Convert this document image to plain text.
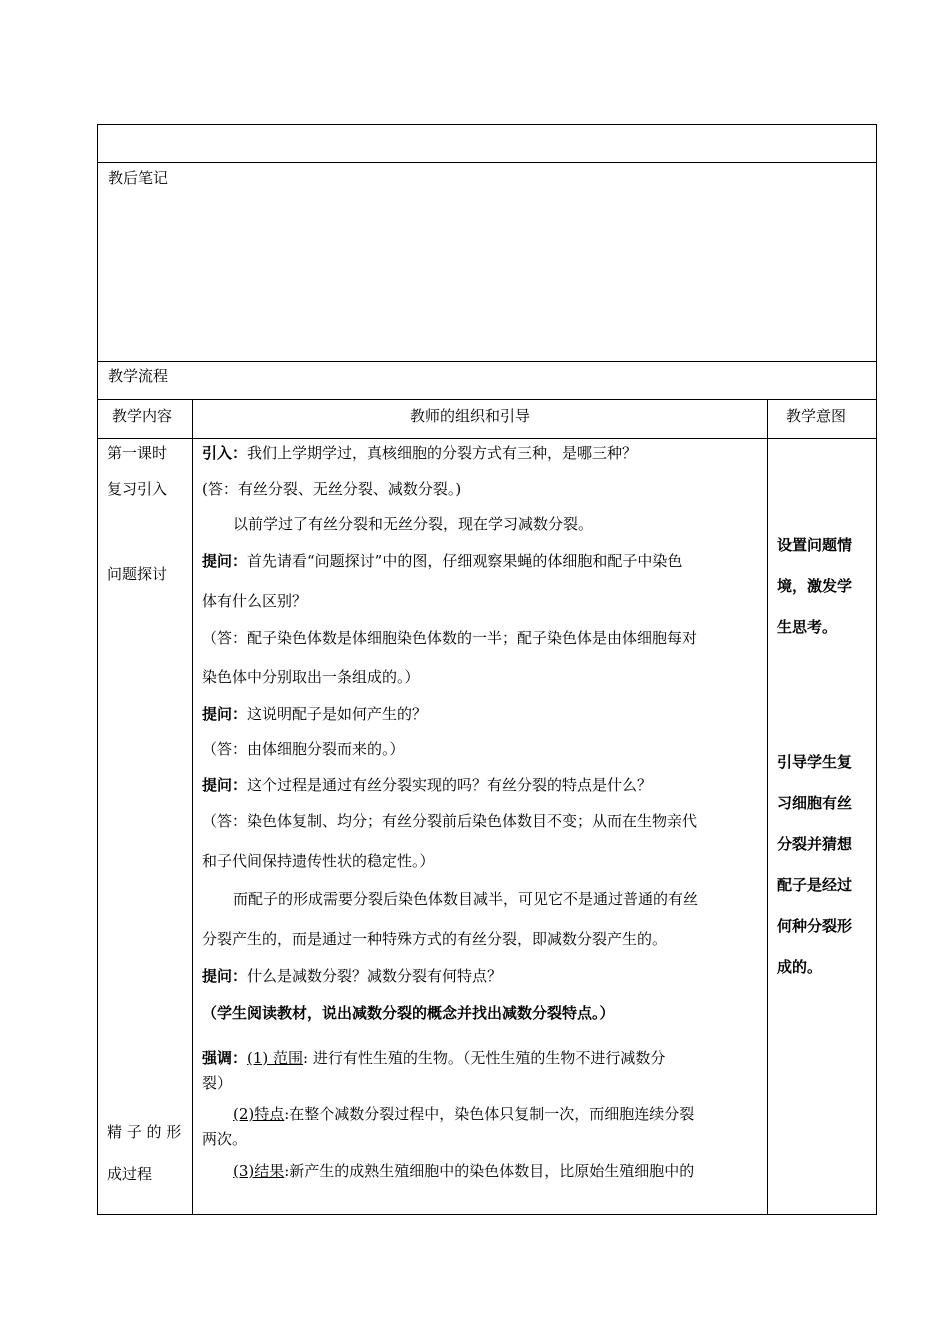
教后笔记
教学流程
教学内容	教师的组织和引导	教学意图
第一课时
复习引入
问题探讨
精 子 的 形
成过程
引入：我们上学期学过，真核细胞的分裂方式有三种，是哪三种？
(答：有丝分裂、无丝分裂、减数分裂。)
以前学过了有丝分裂和无丝分裂，现在学习减数分裂。
提问：首先请看“问题探讨”中的图，仔细观察果蝇的体细胞和配子中染色
体有什么区别？
（答：配子染色体数是体细胞染色体数的一半；配子染色体是由体细胞每对
染色体中分别取出一条组成的。）
提问：这说明配子是如何产生的？
（答：由体细胞分裂而来的。）
提问：这个过程是通过有丝分裂实现的吗？有丝分裂的特点是什么？
（答：染色体复制、均分；有丝分裂前后染色体数目不变；从而在生物亲代
和子代间保持遗传性状的稳定性。）
而配子的形成需要分裂后染色体数目减半，可见它不是通过普通的有丝
分裂产生的，而是通过一种特殊方式的有丝分裂，即减数分裂产生的。
提问：什么是减数分裂？减数分裂有何特点？
（学生阅读教材，说出减数分裂的概念并找出减数分裂特点。）
强调：(1) 范围: 进行有性生殖的生物。（无性生殖的生物不进行减数分
裂）
(2)特点:在整个减数分裂过程中，染色体只复制一次，而细胞连续分裂
两次。
(3)结果:新产生的成熟生殖细胞中的染色体数目，比原始生殖细胞中的
设置问题情
境，激发学
生思考。
引导学生复
习细胞有丝
分裂并猜想
配子是经过
何种分裂形
成的。
